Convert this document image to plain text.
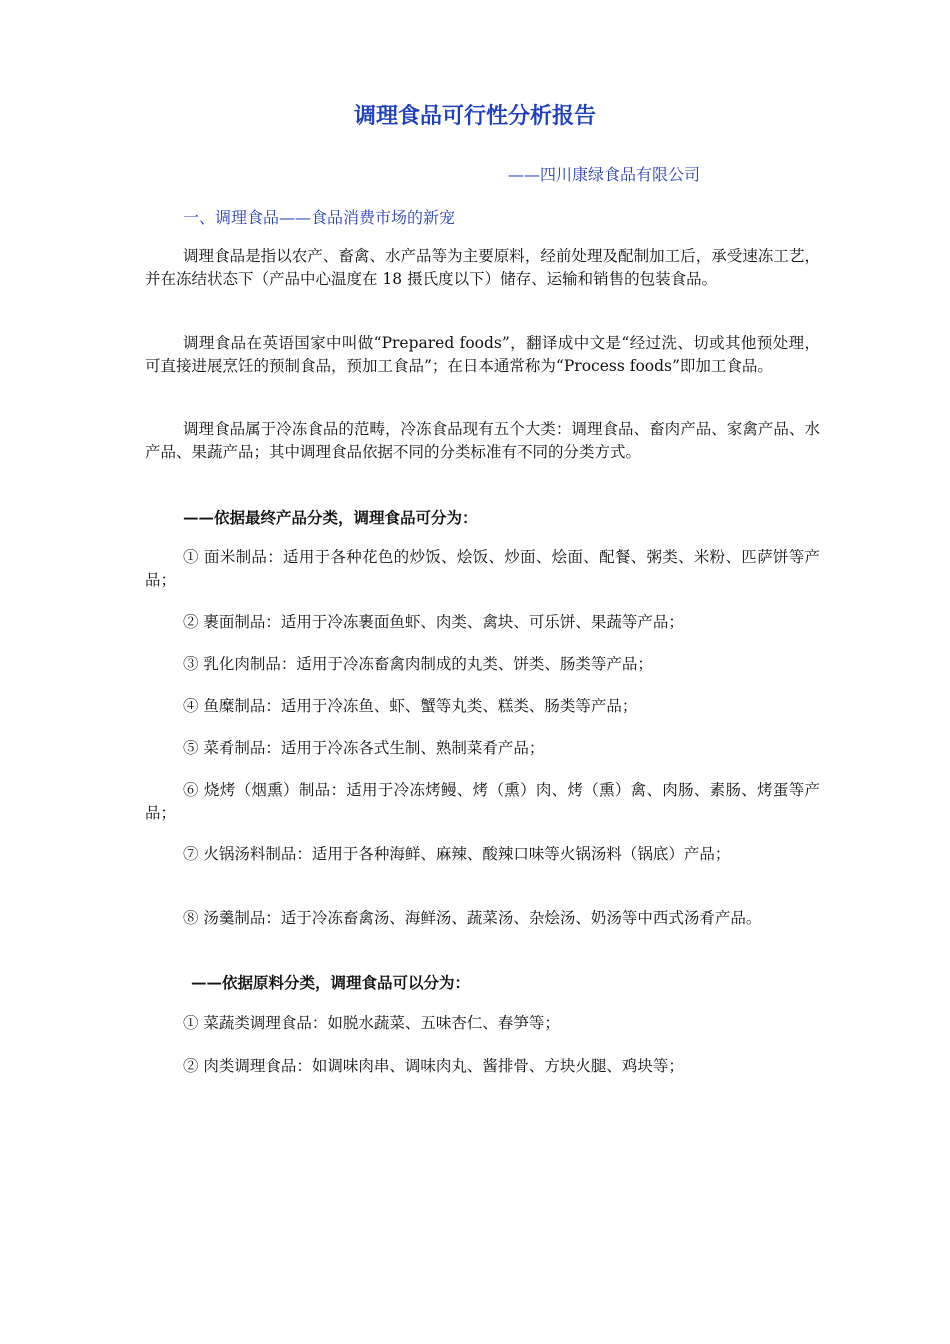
调理食品可行性分析报告
——四川康绿食品有限公司
一、调理食品——食品消费市场的新宠

调理食品是指以农产、畜禽、水产品等为主要原料，经前处理及配制加工后，承受速冻工艺，并在冻结状态下（产品中心温度在 18 摄氏度以下）储存、运输和销售的包装食品。

调理食品在英语国家中叫做“Prepared foods”，翻译成中文是“经过洗、切或其他预处理，可直接进展烹饪的预制食品，预加工食品”；在日本通常称为“Process foods”即加工食品。

调理食品属于冷冻食品的范畴，冷冻食品现有五个大类：调理食品、畜肉产品、家禽产品、水产品、果蔬产品；其中调理食品依据不同的分类标准有不同的分类方式。

——依据最终产品分类，调理食品可分为：

① 面米制品：适用于各种花色的炒饭、烩饭、炒面、烩面、配餐、粥类、米粉、匹萨饼等产品；

② 裹面制品：适用于冷冻裹面鱼虾、肉类、禽块、可乐饼、果蔬等产品；

③ 乳化肉制品：适用于冷冻畜禽肉制成的丸类、饼类、肠类等产品；

④ 鱼糜制品：适用于冷冻鱼、虾、蟹等丸类、糕类、肠类等产品；

⑤ 菜肴制品：适用于冷冻各式生制、熟制菜肴产品；

⑥ 烧烤（烟熏）制品：适用于冷冻烤鳗、烤（熏）肉、烤（熏）禽、肉肠、素肠、烤蛋等产品；

⑦ 火锅汤料制品：适用于各种海鲜、麻辣、酸辣口味等火锅汤料（锅底）产品；

⑧ 汤羹制品：适于冷冻畜禽汤、海鲜汤、蔬菜汤、杂烩汤、奶汤等中西式汤肴产品。

——依据原料分类，调理食品可以分为：

① 菜蔬类调理食品：如脱水蔬菜、五味杏仁、春笋等；

② 肉类调理食品：如调味肉串、调味肉丸、酱排骨、方块火腿、鸡块等；
